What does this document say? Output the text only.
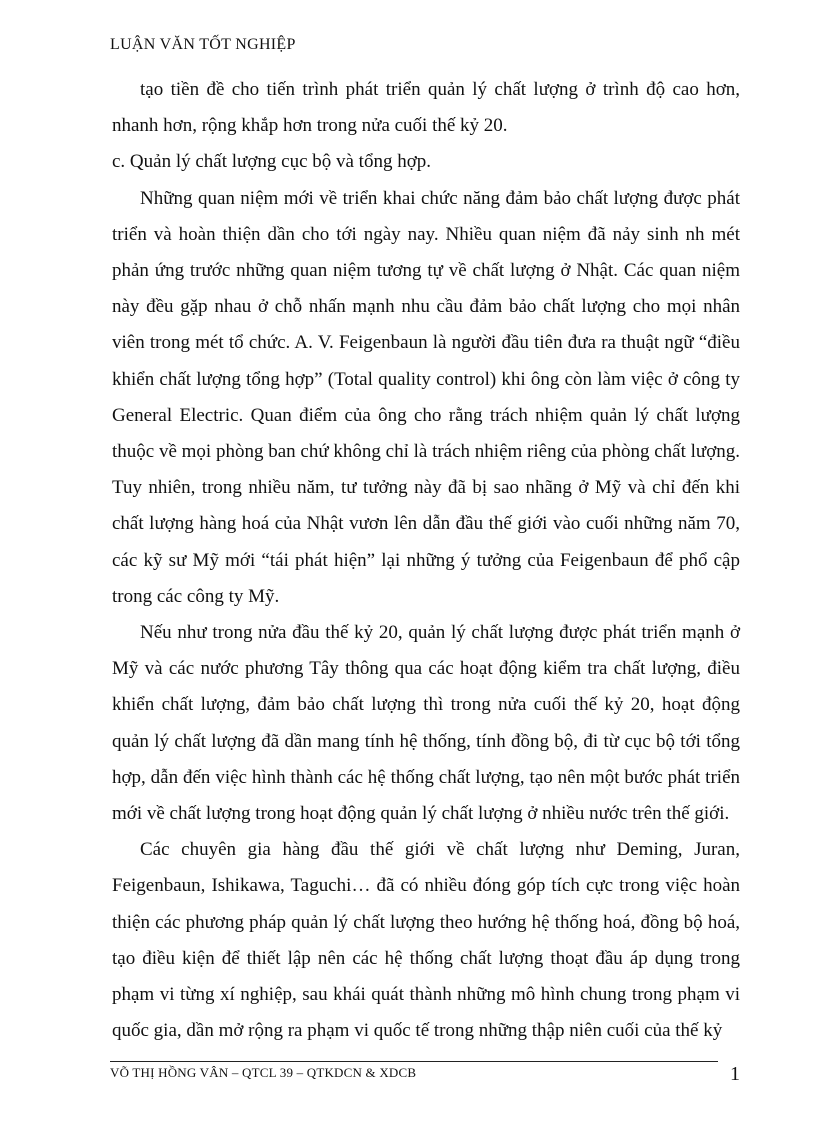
LUẬN VĂN TỐT NGHIỆP

tạo tiền đề cho tiến trình phát triển quản lý chất lượng ở trình độ cao hơn, nhanh hơn, rộng khắp hơn trong nửa cuối thế kỷ 20.

c. Quản lý chất lượng cục bộ và tổng hợp.

Những quan niệm mới về triển khai chức năng đảm bảo chất lượng được phát triển và hoàn thiện dần cho tới ngày nay. Nhiều quan niệm đã nảy sinh nh mét phản ứng trước những quan niệm tương tự về chất lượng ở Nhật. Các quan niệm này đều gặp nhau ở chỗ nhấn mạnh nhu cầu đảm bảo chất lượng cho mọi nhân viên trong mét tổ chức. A. V. Feigenbaun là người đầu tiên đưa ra thuật ngữ “điều khiển chất lượng tổng hợp” (Total quality control) khi ông còn làm việc ở công ty General Electric. Quan điểm của ông cho rằng trách nhiệm quản lý chất lượng thuộc về mọi phòng ban chứ không chỉ là trách nhiệm riêng của phòng chất lượng. Tuy nhiên, trong nhiều năm, tư tưởng này đã bị sao nhãng ở Mỹ và chỉ đến khi chất lượng hàng hoá của Nhật vươn lên dẫn đầu thế giới vào cuối những năm 70, các kỹ sư Mỹ mới “tái phát hiện” lại những ý tưởng của Feigenbaun để phổ cập trong các công ty Mỹ.

Nếu như trong nửa đầu thế kỷ 20, quản lý chất lượng được phát triển mạnh ở Mỹ và các nước phương Tây thông qua các hoạt động kiểm tra chất lượng, điều khiển chất lượng, đảm bảo chất lượng thì trong nửa cuối thế kỷ 20, hoạt động quản lý chất lượng đã dần mang tính hệ thống, tính đồng bộ, đi từ cục bộ tới tổng hợp, dẫn đến việc hình thành các hệ thống chất lượng, tạo nên một bước phát triển mới về chất lượng trong hoạt động quản lý chất lượng ở nhiều nước trên thế giới.

Các chuyên gia hàng đầu thế giới về chất lượng như Deming, Juran, Feigenbaun, Ishikawa, Taguchi… đã có nhiều đóng góp tích cực trong việc hoàn thiện các phương pháp quản lý chất lượng theo hướng hệ thống hoá, đồng bộ hoá, tạo điều kiện để thiết lập nên các hệ thống chất lượng thoạt đầu áp dụng trong phạm vi từng xí nghiệp, sau khái quát thành những mô hình chung trong phạm vi quốc gia, dần mở rộng ra phạm vi quốc tế trong những thập niên cuối của thế kỷ

VÕ THỊ HỒNG VÂN – QTCL 39 – QTKDCN & XDCB	1
